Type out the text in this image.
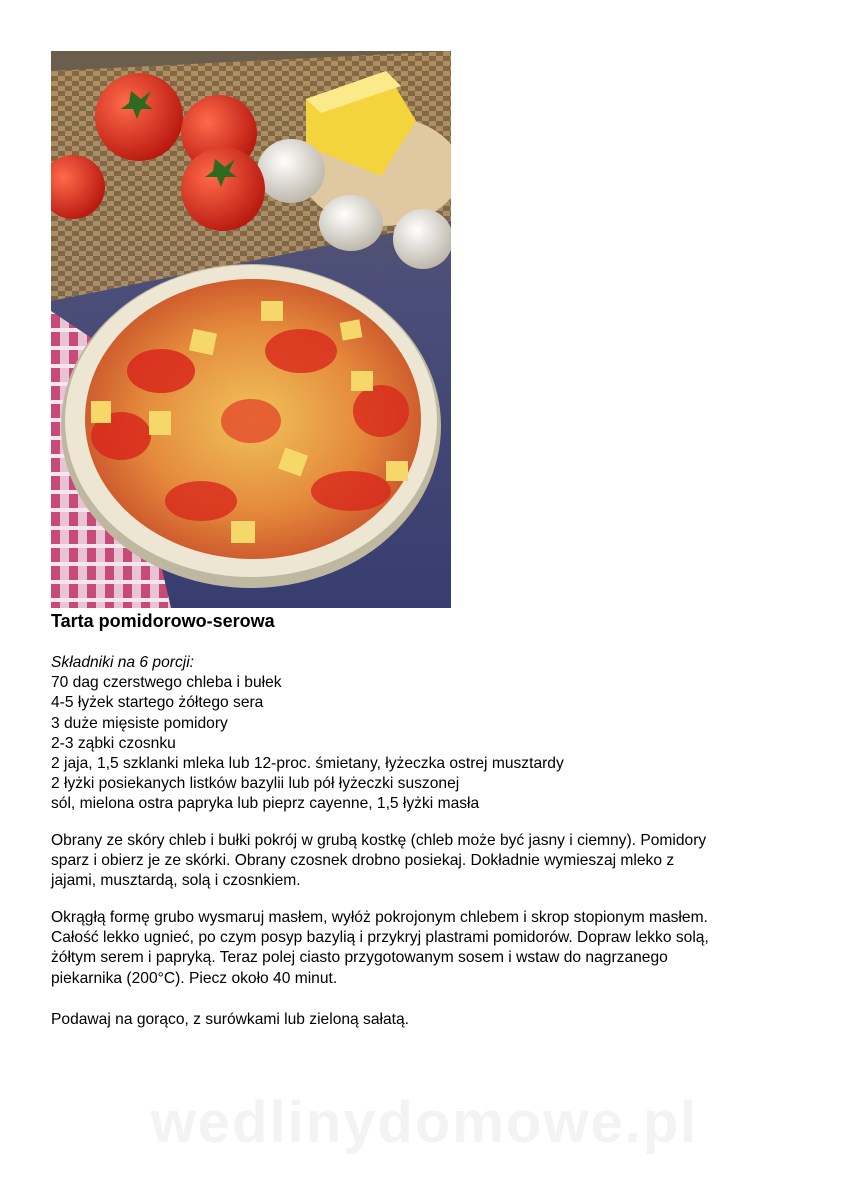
Tarta pomidorowo-serowa
Składniki na 6 porcji:
70 dag czerstwego chleba i bułek
4-5 łyżek startego żółtego sera
3 duże mięsiste pomidory
2-3 ząbki czosnku
2 jaja, 1,5 szklanki mleka lub 12-proc. śmietany, łyżeczka ostrej musztardy
2 łyżki posiekanych listków bazylii lub pół łyżeczki suszonej
sól, mielona ostra papryka lub pieprz cayenne, 1,5 łyżki masła
Obrany ze skóry chleb i bułki pokrój w grubą kostkę (chleb może być jasny i ciemny). Pomidory
sparz i obierz je ze skórki. Obrany czosnek drobno posiekaj. Dokładnie wymieszaj mleko z
jajami, musztardą, solą i czosnkiem.
Okrągłą formę grubo wysmaruj masłem, wyłóż pokrojonym chlebem i skrop stopionym masłem.
Całość lekko ugnieć, po czym posyp bazylią i przykryj plastrami pomidorów. Dopraw lekko solą,
żółtym serem i papryką. Teraz polej ciasto przygotowanym sosem i wstaw do nagrzanego
piekarnika (200°C). Piecz około 40 minut.
Podawaj na gorąco, z surówkami lub zieloną sałatą.
wedlinydomowe.pl
